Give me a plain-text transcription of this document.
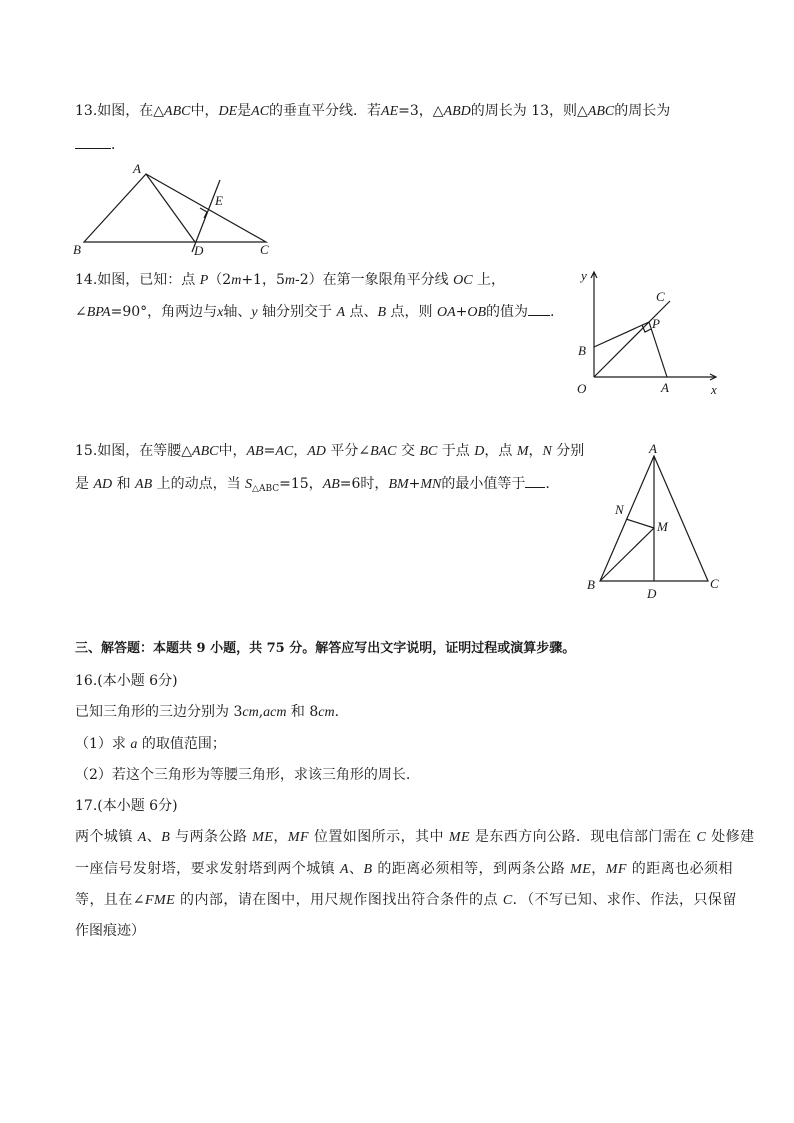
13.如图，在△ABC中，DE是AC的垂直平分线．若AE=3，△ABD的周长为 13，则△ABC的周长为
．
A
E
B	D	C
14.如图，已知：点 P（2m+1，5m-2）在第一象限角平分线 OC 上，
∠BPA=90°，角两边与x轴、y 轴分别交于 A 点、B 点，则 OA+OB的值为 .
y
C
P
B
O	A	x
15.如图，在等腰△ABC中，AB=AC，AD 平分∠BAC 交 BC 于点 D，点 M，N 分别
是 AD 和 AB 上的动点，当 $S_{\triangle ABC}=15$，AB=6时，BM+MN的最小值等于 .
A
N
M
B
D
C
三、解答题：本题共 9 小题，共 75 分。解答应写出文字说明，证明过程或演算步骤。
16.(本小题 6分)
已知三角形的三边分别为 3cm,acm 和 8cm.
（1）求 a 的取值范围；
（2）若这个三角形为等腰三角形，求该三角形的周长.
17.(本小题 6分)
两个城镇 A、B 与两条公路 ME，MF 位置如图所示，其中 ME 是东西方向公路．现电信部门需在 C 处修建
一座信号发射塔，要求发射塔到两个城镇 A、B 的距离必须相等，到两条公路 ME，MF 的距离也必须相
等，且在∠FME 的内部，请在图中，用尺规作图找出符合条件的点 C．（不写已知、求作、作法，只保留
作图痕迹）
